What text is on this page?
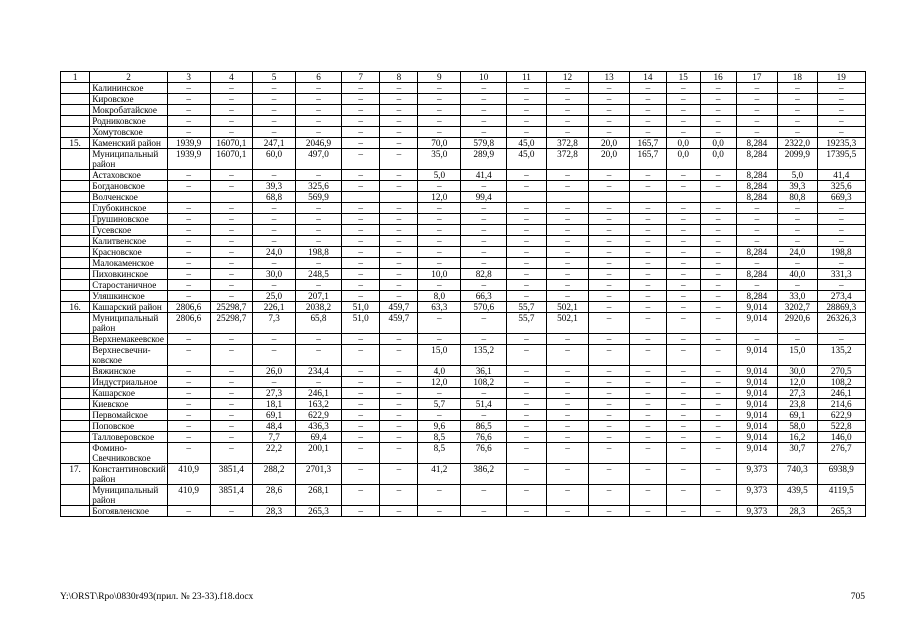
1	2	3	4	5	6	7	8	9	10	11	12	13	14	15	16	17	18	19
	Калининское	–	–	–	–	–	–	–	–	–	–	–	–	–	–	–	–	–
	Кировское	–	–	–	–	–	–	–	–	–	–	–	–	–	–	–	–	–
	Мокробатайское	–	–	–	–	–	–	–	–	–	–	–	–	–	–	–	–	–
	Родниковское	–	–	–	–	–	–	–	–	–	–	–	–	–	–	–	–	–
	Хомутовское	–	–	–	–	–	–	–	–	–	–	–	–	–	–	–	–	–
15.	Каменский район	1939,9	16070,1	247,1	2046,9	–	–	70,0	579,8	45,0	372,8	20,0	165,7	0,0	0,0	8,284	2322,0	19235,3
	Муниципальный район	1939,9	16070,1	60,0	497,0	–	–	35,0	289,9	45,0	372,8	20,0	165,7	0,0	0,0	8,284	2099,9	17395,5
	Астаховское	–	–	–	–	–	–	5,0	41,4	–	–	–	–	–	–	8,284	5,0	41,4
	Богдановское	–	–	39,3	325,6	–	–	–	–	–	–	–	–	–	–	8,284	39,3	325,6
	Волченское			68,8	569,9			12,0	99,4							8,284	80,8	669,3
	Глубокинское	–	–	–	–	–	–	–	–	–	–	–	–	–	–	–	–	–
	Грушиновское	–	–	–	–	–	–	–	–	–	–	–	–	–	–	–	–	–
	Гусевское	–	–	–	–	–	–	–	–	–	–	–	–	–	–	–	–	–
	Калитвенское	–	–	–	–	–	–	–	–	–	–	–	–	–	–	–	–	–
	Красновское	–	–	24,0	198,8	–	–	–	–	–	–	–	–	–	–	8,284	24,0	198,8
	Малокаменское	–	–	–	–	–	–	–	–	–	–	–	–	–	–	–	–	–
	Пиховкинское	–	–	30,0	248,5	–	–	10,0	82,8	–	–	–	–	–	–	8,284	40,0	331,3
	Старостаничное	–	–	–	–	–	–	–	–	–	–	–	–	–	–	–	–	–
	Уляшкинское	–	–	25,0	207,1	–	–	8,0	66,3	–	–	–	–	–	–	8,284	33,0	273,4
16.	Кашарский район	2806,6	25298,7	226,1	2038,2	51,0	459,7	63,3	570,6	55,7	502,1	–	–	–	–	9,014	3202,7	28869,3
	Муниципальный район	2806,6	25298,7	7,3	65,8	51,0	459,7	–	–	55,7	502,1	–	–	–	–	9,014	2920,6	26326,3
	Верхнемакеевское	–	–	–	–	–	–	–	–	–	–	–	–	–	–	–	–	–
	Верхнесвечни-ковское	–	–	–	–	–	–	15,0	135,2	–	–	–	–	–	–	9,014	15,0	135,2
	Вяжинское	–	–	26,0	234,4	–	–	4,0	36,1	–	–	–	–	–	–	9,014	30,0	270,5
	Индустриальное	–	–	–	–	–	–	12,0	108,2	–	–	–	–	–	–	9,014	12,0	108,2
	Кашарское	–	–	27,3	246,1	–	–	–	–	–	–	–	–	–	–	9,014	27,3	246,1
	Киевское	–	–	18,1	163,2	–	–	5,7	51,4	–	–	–	–	–	–	9,014	23,8	214,6
	Первомайское	–	–	69,1	622,9	–	–	–	–	–	–	–	–	–	–	9,014	69,1	622,9
	Поповское	–	–	48,4	436,3	–	–	9,6	86,5	–	–	–	–	–	–	9,014	58,0	522,8
	Талловеровское	–	–	7,7	69,4	–	–	8,5	76,6	–	–	–	–	–	–	9,014	16,2	146,0
	Фомино-Свечниковское	–	–	22,2	200,1	–	–	8,5	76,6	–	–	–	–	–	–	9,014	30,7	276,7
17.	Константиновский район	410,9	3851,4	288,2	2701,3	–	–	41,2	386,2	–	–	–	–	–	–	9,373	740,3	6938,9
	Муниципальный район	410,9	3851,4	28,6	268,1	–	–	–	–	–	–	–	–	–	–	9,373	439,5	4119,5
	Богоявленское	–	–	28,3	265,3	–	–	–	–	–	–	–	–	–	–	9,373	28,3	265,3
Y:\ORST\Rpo\0830r493(прил. № 23-33).f18.docx	705
